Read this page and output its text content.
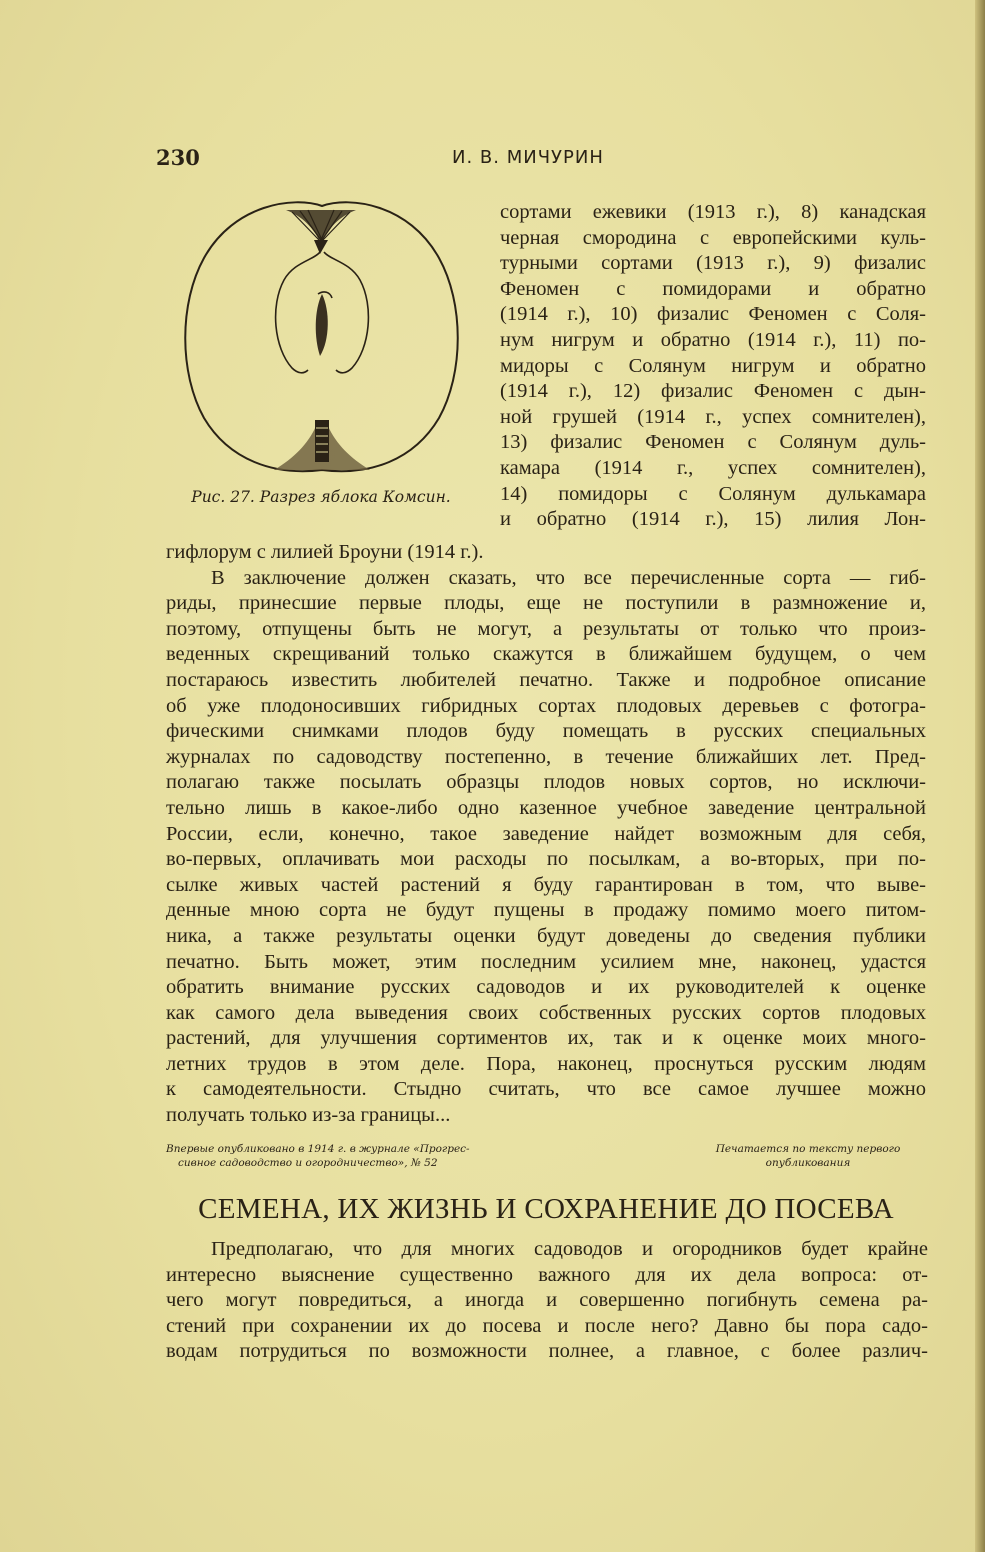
230	И. В. МИЧУРИН
Рис. 27. Разрез яблока Комсин.
сортами ежевики (1913 г.), 8) канадская
черная смородина с европейскими куль-
турными сортами (1913 г.), 9) физалис
Феномен с помидорами и обратно
(1914 г.), 10) физалис Феномен с Соля-
нум нигрум и обратно (1914 г.), 11) по-
мидоры с Солянум нигрум и обратно
(1914 г.), 12) физалис Феномен с дын-
ной грушей (1914 г., успех сомнителен),
13) физалис Феномен с Солянум дуль-
камара (1914 г., успех сомнителен),
14) помидоры с Солянум дулькамара
и обратно (1914 г.), 15) лилия Лон-
гифлорум с лилией Броуни (1914 г.).
В заключение должен сказать, что все перечисленные сорта — гиб-
риды, принесшие первые плоды, еще не поступили в размножение и,
поэтому, отпущены быть не могут, а результаты от только что произ-
веденных скрещиваний только скажутся в ближайшем будущем, о чем
постараюсь известить любителей печатно. Также и подробное описание
об уже плодоносивших гибридных сортах плодовых деревьев с фотогра-
фическими снимками плодов буду помещать в русских специальных
журналах по садоводству постепенно, в течение ближайших лет. Пред-
полагаю также посылать образцы плодов новых сортов, но исключи-
тельно лишь в какое-либо одно казенное учебное заведение центральной
России, если, конечно, такое заведение найдет возможным для себя,
во-первых, оплачивать мои расходы по посылкам, а во-вторых, при по-
сылке живых частей растений я буду гарантирован в том, что выве-
денные мною сорта не будут пущены в продажу помимо моего питом-
ника, а также результаты оценки будут доведены до сведения публики
печатно. Быть может, этим последним усилием мне, наконец, удастся
обратить внимание русских садоводов и их руководителей к оценке
как самого дела выведения своих собственных русских сортов плодовых
растений, для улучшения сортиментов их, так и к оценке моих много-
летних трудов в этом деле. Пора, наконец, проснуться русским людям
к самодеятельности. Стыдно считать, что все самое лучшее можно
получать только из-за границы...
Впервые опубликовано в 1914 г. в журнале «Прогрес-
сивное садоводство и огородничество», № 52
Печатается по тексту первого
опубликования
СЕМЕНА, ИХ ЖИЗНЬ И СОХРАНЕНИЕ ДО ПОСЕВА
Предполагаю, что для многих садоводов и огородников будет крайне
интересно выяснение существенно важного для их дела вопроса: от-
чего могут повредиться, а иногда и совершенно погибнуть семена ра-
стений при сохранении их до посева и после него? Давно бы пора садо-
водам потрудиться по возможности полнее, а главное, с более различ-
